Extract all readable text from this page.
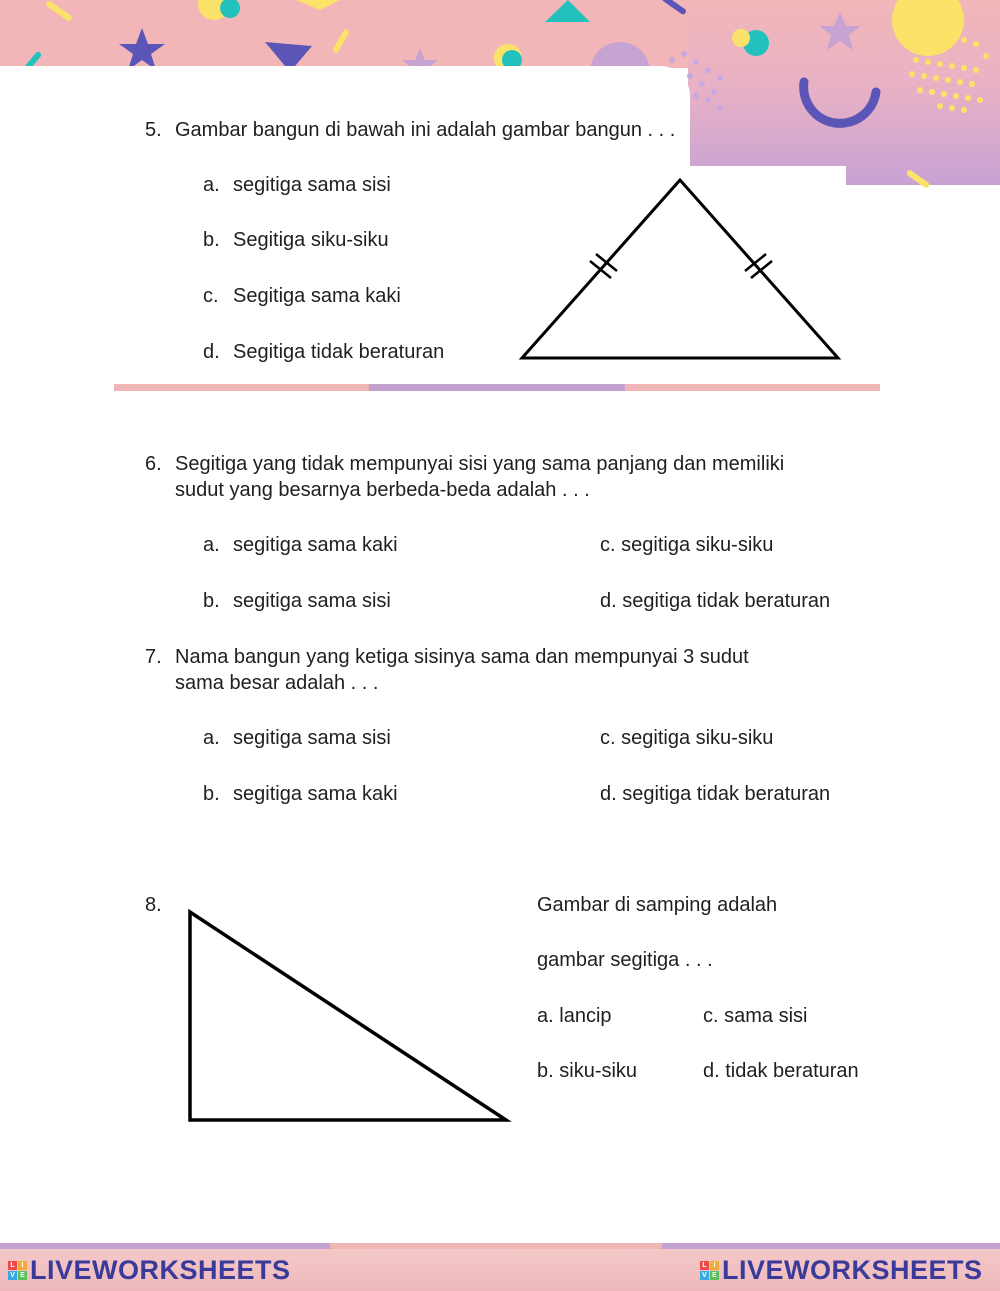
5. Gambar bangun di bawah ini adalah gambar bangun . . .
a. segitiga sama sisi
b. Segitiga siku-siku
c. Segitiga sama kaki
d. Segitiga tidak beraturan
6. Segitiga yang tidak mempunyai sisi yang sama panjang dan memiliki
sudut yang besarnya berbeda-beda adalah . . .
a. segitiga sama kaki
b. segitiga sama sisi
c. segitiga siku-siku
d. segitiga tidak beraturan
7. Nama bangun yang ketiga sisinya sama dan mempunyai 3 sudut
sama besar adalah . . .
a. segitiga sama sisi
b. segitiga sama kaki
c. segitiga siku-siku
d. segitiga tidak beraturan
8.	Gambar di samping adalah
gambar segitiga . . .
a. lancip
b. siku-siku
c. sama sisi
d. tidak beraturan
L I
V E LIVEWORKSHEETS	L I
V E LIVEWORKSHEETS
